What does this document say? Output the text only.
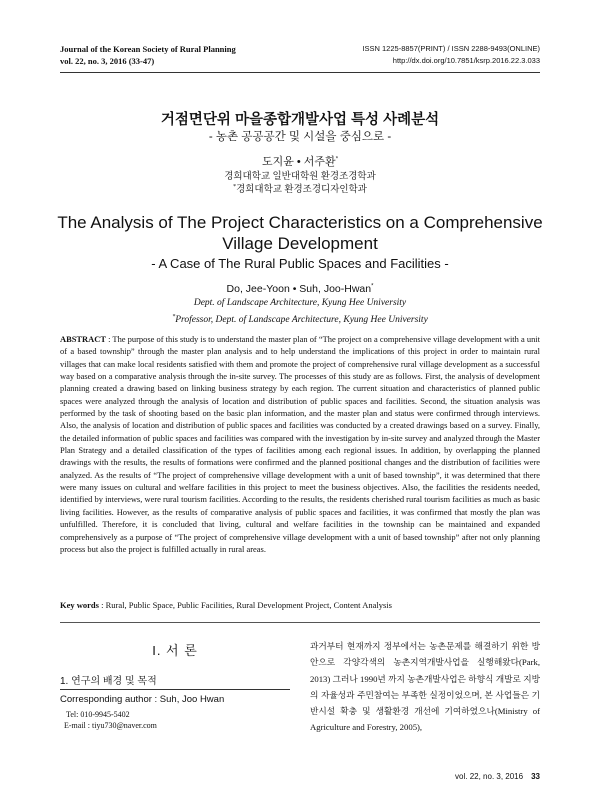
Journal of the Korean Society of Rural Planning
vol. 22, no. 3, 2016 (33-47)
ISSN 1225-8857(PRINT) / ISSN 2288-9493(ONLINE)
http://dx.doi.org/10.7851/ksrp.2016.22.3.033
거점면단위 마을종합개발사업 특성 사례분석
- 농촌 공공공간 및 시설을 중심으로 -
도지윤 • 서주환*
경희대학교 일반대학원 환경조경학과
*경희대학교 환경조경디자인학과
The Analysis of The Project Characteristics on a Comprehensive
Village Development
- A Case of The Rural Public Spaces and Facilities -
Do, Jee-Yoon • Suh, Joo-Hwan*
Dept. of Landscape Architecture, Kyung Hee University
*Professor, Dept. of Landscape Architecture, Kyung Hee University
ABSTRACT : The purpose of this study is to understand the master plan of “The project on a comprehensive village development with a unit of a based township” through the master plan analysis and to help understand the implications of this project in order to maintain rural villages that can make local residents satisfied with them and promote the project of comprehensive rural village development as a successful way based on a comparative analysis through the in-site survey. The processes of this study are as follows. First, the analysis of development planning created a drawing based on linking business strategy by each region. The current situation and characteristics of planned public spaces were analyzed through the analysis of location and distribution of public spaces and facilities. Second, the situation analysis was performed by the task of shooting based on the basic plan information, and the master plan and status were confirmed through interviews. Also, the analysis of location and distribution of public spaces and facilities was conducted by a created drawings based on a survey. Finally, the detailed information of public spaces and facilities was compared with the investigation by in-site survey and analyzed through the Master Plan Strategy and a detailed classification of the types of facilities among each regional issues. In addition, by overlapping the planned drawings with the results, the results of formations were confirmed and the planned positional changes and the distribution of facilities were analyzed. As the results of “The project of comprehensive village development with a unit of based township”, it was determined that there were many issues on cultural and welfare facilities in this project to meet the business objectives. Also, the facilities the residents needed, identified by interviews, were rural tourism facilities. According to the results, the residents cherished rural tourism facilities as much as basic living facilities. However, as the results of comparative analysis of public spaces and facilities, it was confirmed that mostly the plan was unfulfilled. Therefore, it is concluded that living, cultural and welfare facilities in the township can be maintained and expanded comprehensively as a purpose of “The project of comprehensive village development with a unit of based township” after not only planning process but also the project is fulfilled actually in rural areas.
Key words : Rural, Public Space, Public Facilities, Rural Development Project, Content Analysis
I. 서 론
1. 연구의 배경 및 목적
Corresponding author : Suh, Joo Hwan
Tel: 010-9945-5402
E-mail : tiyu730@naver.com
과거부터 현재까지 정부에서는 농촌문제를 해결하기 위한 방안으로 각양각색의 농촌지역개발사업을 실행해왔다(Park, 2013) 그러나 1990년 까지 농촌개발사업은 하향식 개발로 지방의 자율성과 주민참여는 부족한 실정이었으며, 본 사업들은 기반시설 확충 및 생활환경 개선에 기여하였으나(Ministry of Agriculture and Forestry, 2005),
vol. 22, no. 3, 2016 33
